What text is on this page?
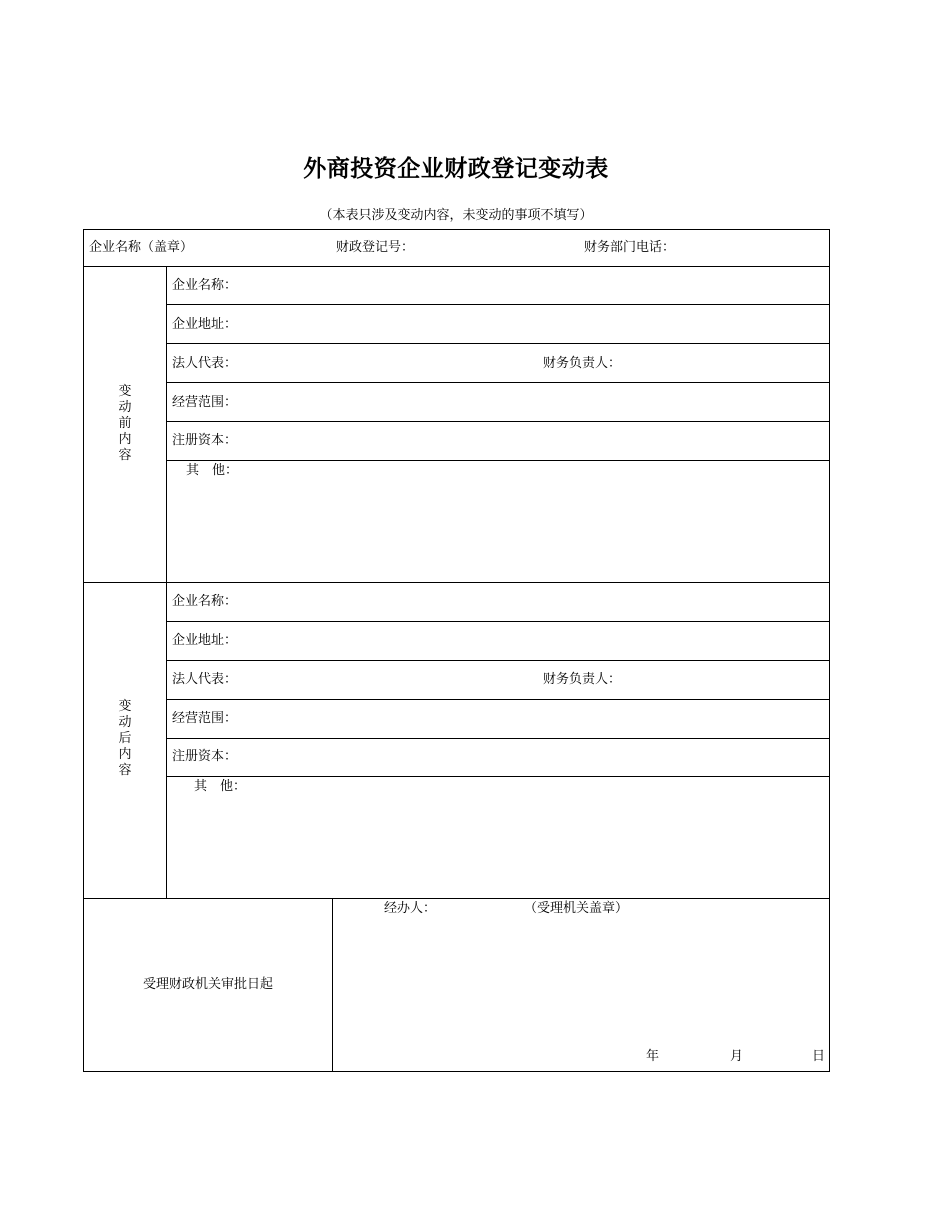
外商投资企业财政登记变动表
（本表只涉及变动内容，未变动的事项不填写）
企业名称（盖章）	财政登记号：	财务部门电话：
变动前内容
企业名称：
企业地址：
法人代表：	财务负责人：
经营范围：
注册资本：
其　他：
变动后内容
企业名称：
企业地址：
法人代表：	财务负责人：
经营范围：
注册资本：
其　他：
受理财政机关审批日起
经办人：	（受理机关盖章）
年	月	日
